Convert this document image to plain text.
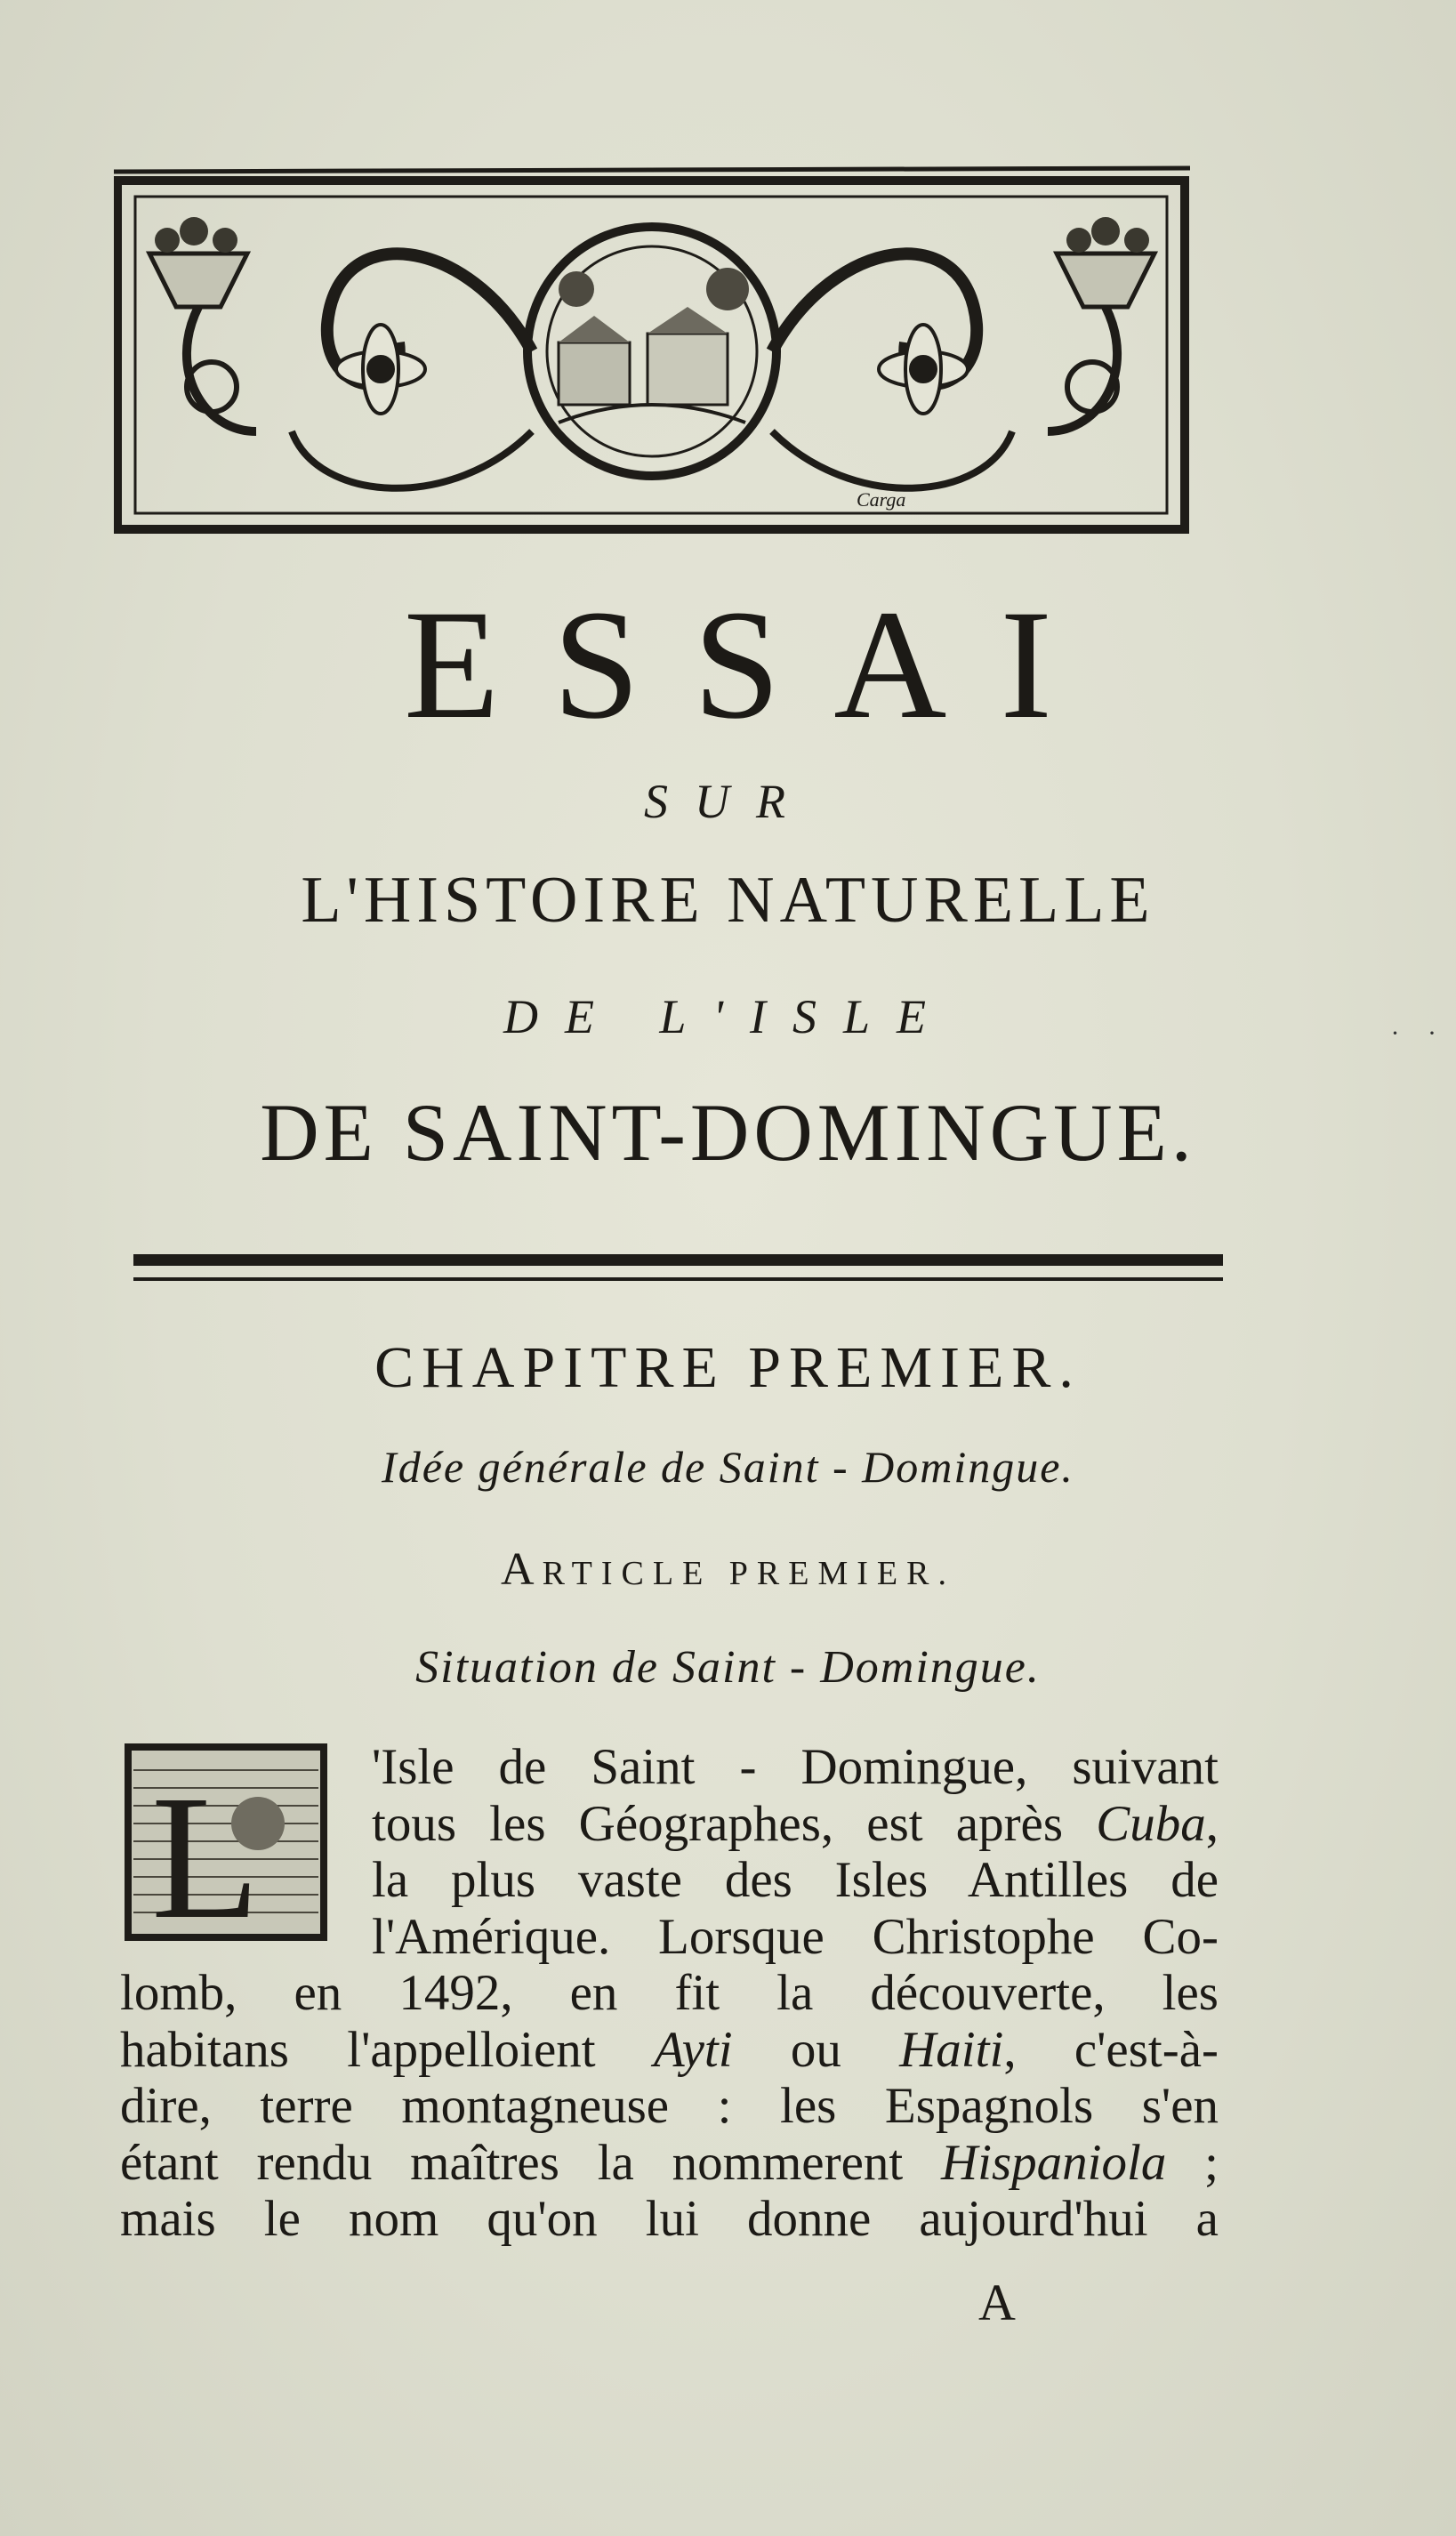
Carga
ESSAI
SUR
L'HISTOIRE NATURELLE
DE L'ISLE
DE SAINT-DOMINGUE.
· ·
CHAPITRE PREMIER.
Idée générale de Saint - Domingue.
ARTICLE PREMIER.
Situation de Saint - Domingue.
L	'Isle de Saint - Domingue, suivant
tous les Géographes, est après Cuba,
la plus vaste des Isles Antilles de
l'Amérique. Lorsque Christophe Co-
lomb, en 1492, en fit la découverte, les
habitans l'appelloient Ayti ou Haiti, c'est-à-
dire, terre montagneuse : les Espagnols s'en
étant rendu maîtres la nommerent Hispaniola ;
mais le nom qu'on lui donne aujourd'hui a
A
